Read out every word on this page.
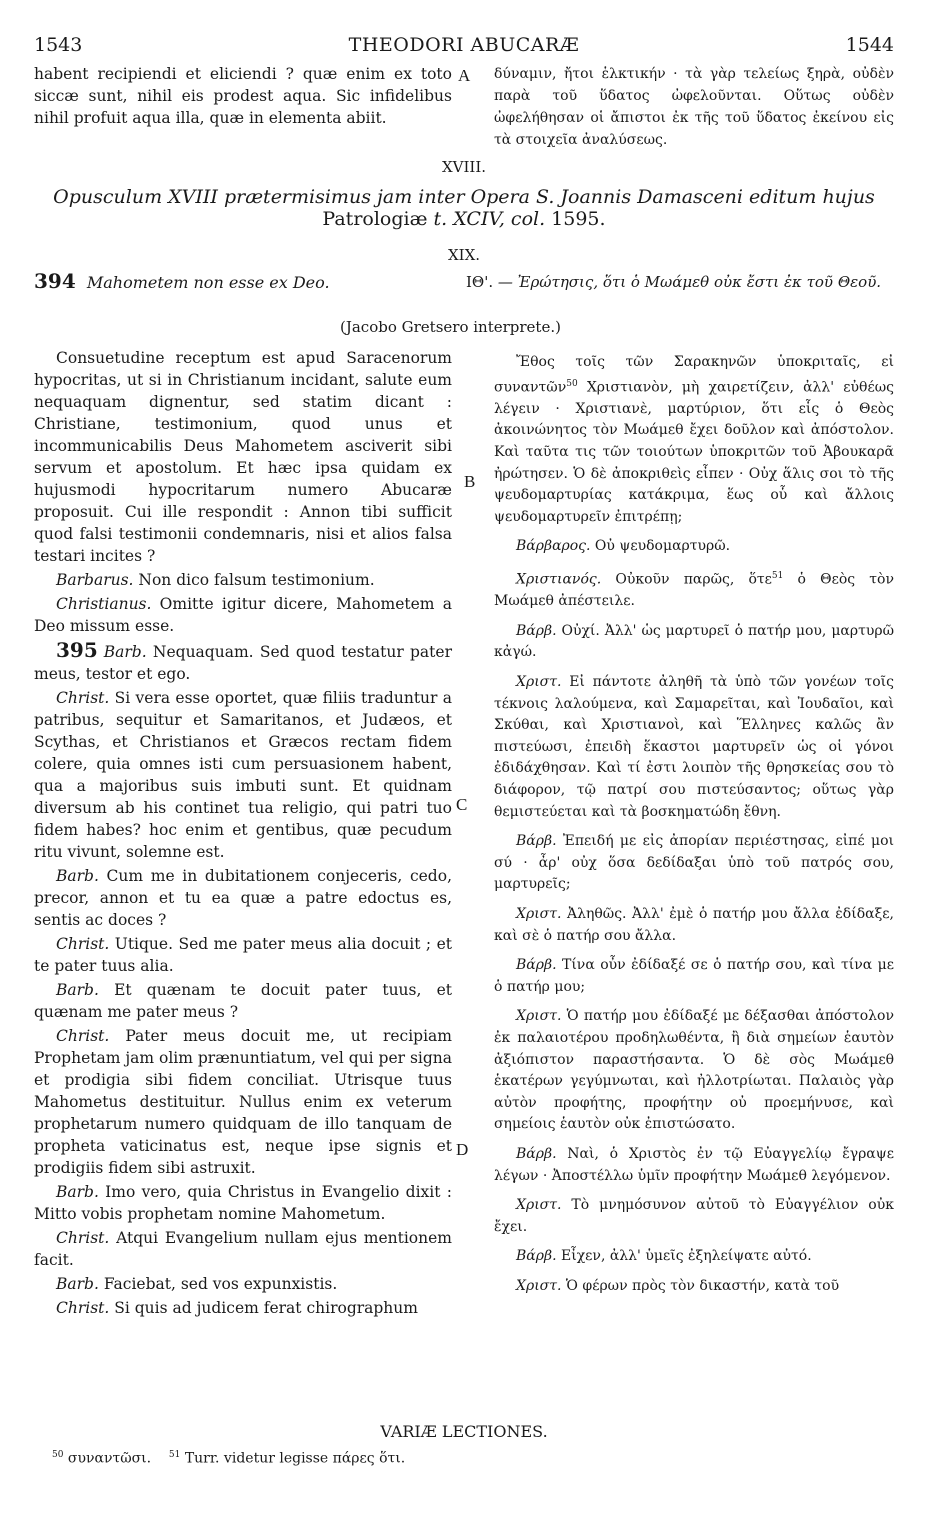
1543	THEODORI ABUCARÆ	1544

habent recipiendi et eliciendi ? quæ enim ex toto siccæ sunt, nihil eis prodest aqua. Sic infidelibus nihil profuit aqua illa, quæ in elementa abiit.

A δύναμιν, ἤτοι ἑλκτικήν · τὰ γὰρ τελείως ξηρὰ, οὐδὲν παρὰ τοῦ ὕδατος ὠφελοῦνται. Οὕτως οὐδὲν ὠφελήθησαν οἱ ἄπιστοι ἐκ τῆς τοῦ ὕδατος ἐκείνου εἰς τὰ στοιχεῖα ἀναλύσεως.

XVIII.
Opusculum XVIII prætermisimus jam inter Opera S. Joannis Damasceni editum hujus
Patrologiæ t. XCIV, col. 1595.
XIX.
394 Mahometem non esse ex Deo.	ΙΘ'. — Ἐρώτησις, ὅτι ὁ Μωάμεθ οὐκ ἔστι ἐκ τοῦ Θεοῦ.
(Jacobo Gretsero interprete.)

Consuetudine receptum est apud Saracenorum hypocritas, ut si in Christianum incidant, salute eum nequaquam dignentur, sed statim dicant : Christiane, testimonium, quod unus et incommunicabilis Deus Mahometem asciverit sibi servum et apostolum. Et hæc ipsa quidam ex hujusmodi hypocritarum numero Abucaræ proposuit. Cui ille respondit : Annon tibi sufficit quod falsi testimonii condemnaris, nisi et alios falsa testari incites ?

Barbarus. Non dico falsum testimonium.

Christianus. Omitte igitur dicere, Mahometem a Deo missum esse.

395 Barb. Nequaquam. Sed quod testatur pater meus, testor et ego.

Christ. Si vera esse oportet, quæ filiis traduntur a patribus, sequitur et Samaritanos, et Judæos, et Scythas, et Christianos et Græcos rectam fidem colere, quia omnes isti cum persuasionem habent, qua a majoribus suis imbuti sunt. Et quidnam diversum ab his continet tua religio, qui patri tuo fidem habes? hoc enim et gentibus, quæ pecudum ritu vivunt, solemne est.

Barb. Cum me in dubitationem conjeceris, cedo, precor, annon et tu ea quæ a patre edoctus es, sentis ac doces ?

Christ. Utique. Sed me pater meus alia docuit ; et te pater tuus alia.

Barb. Et quænam te docuit pater tuus, et quænam me pater meus ?

Christ. Pater meus docuit me, ut recipiam Prophetam jam olim prænuntiatum, vel qui per signa et prodigia sibi fidem conciliat. Utrisque tuus Mahometus destituitur. Nullus enim ex veterum prophetarum numero quidquam de illo tanquam de propheta vaticinatus est, neque ipse signis et prodigiis fidem sibi astruxit.

Barb. Imo vero, quia Christus in Evangelio dixit : Mitto vobis prophetam nomine Mahometum.

Christ. Atqui Evangelium nullam ejus mentionem facit.

Barb. Faciebat, sed vos expunxistis.

Christ. Si quis ad judicem ferat chirographum

B
C
D

Ἔθος τοῖς τῶν Σαρακηνῶν ὑποκριταῖς, εἰ συναντῶν$^{50}$ Χριστιανὸν, μὴ χαιρετίζειν, ἀλλ' εὐθέως λέγειν · Χριστιανὲ, μαρτύριον, ὅτι εἷς ὁ Θεὸς ἀκοινώνητος τὸν Μωάμεθ ἔχει δοῦλον καὶ ἀπόστολον. Καὶ ταῦτα τις τῶν τοιούτων ὑποκριτῶν τοῦ Ἀβουκαρᾶ ἠρώτησεν. Ὁ δὲ ἀποκριθεὶς εἶπεν · Οὐχ ἅλις σοι τὸ τῆς ψευδομαρτυρίας κατάκριμα, ἕως οὗ καὶ ἄλλοις ψευδομαρτυρεῖν ἐπιτρέπῃ;

Βάρβαρος. Οὐ ψευδομαρτυρῶ.

Χριστιανός. Οὐκοῦν παρῶς, ὅτε$^{51}$ ὁ Θεὸς τὸν Μωάμεθ ἀπέστειλε.

Βάρβ. Οὐχί. Ἀλλ' ὡς μαρτυρεῖ ὁ πατήρ μου, μαρτυρῶ κἀγώ.

Χριστ. Εἰ πάντοτε ἀληθῆ τὰ ὑπὸ τῶν γονέων τοῖς τέκνοις λαλούμενα, καὶ Σαμαρεῖται, καὶ Ἰουδαῖοι, καὶ Σκύθαι, καὶ Χριστιανοὶ, καὶ Ἕλληνες καλῶς ἂν πιστεύωσι, ἐπειδὴ ἕκαστοι μαρτυρεῖν ὡς οἱ γόνοι ἐδιδάχθησαν. Καὶ τί ἐστι λοιπὸν τῆς θρησκείας σου τὸ διάφορον, τῷ πατρί σου πιστεύσαντος; οὕτως γὰρ θεμιστεύεται καὶ τὰ βοσκηματώδη ἔθνη.

Βάρβ. Ἐπειδή με εἰς ἀπορίαν περιέστησας, εἰπέ μοι σύ · ἆρ' οὐχ ὅσα δεδίδαξαι ὑπὸ τοῦ πατρός σου, μαρτυρεῖς;

Χριστ. Ἀληθῶς. Ἀλλ' ἐμὲ ὁ πατήρ μου ἄλλα ἐδίδαξε, καὶ σὲ ὁ πατήρ σου ἄλλα.

Βάρβ. Τίνα οὖν ἐδίδαξέ σε ὁ πατήρ σου, καὶ τίνα με ὁ πατήρ μου;

Χριστ. Ὁ πατήρ μου ἐδίδαξέ με δέξασθαι ἀπόστολον ἐκ παλαιοτέρου προδηλωθέντα, ἢ διὰ σημείων ἑαυτὸν ἀξιόπιστον παραστήσαντα. Ὁ δὲ σὸς Μωάμεθ ἑκατέρων γεγύμνωται, καὶ ἠλλοτρίωται. Παλαιὸς γὰρ αὐτὸν προφήτης, προφήτην οὐ προεμήνυσε, καὶ σημείοις ἑαυτὸν οὐκ ἐπιστώσατο.

Βάρβ. Ναὶ, ὁ Χριστὸς ἐν τῷ Εὐαγγελίῳ ἔγραψε λέγων · Ἀποστέλλω ὑμῖν προφήτην Μωάμεθ λεγόμενον.

Χριστ. Τὸ μνημόσυνον αὐτοῦ τὸ Εὐαγγέλιον οὐκ ἔχει.

Βάρβ. Εἶχεν, ἀλλ' ὑμεῖς ἐξηλείψατε αὐτό.

Χριστ. Ὁ φέρων πρὸς τὸν δικαστήν, κατὰ τοῦ

VARIÆ LECTIONES.
$^{50}$ συναντῶσι. $^{51}$ Turr. videtur legisse πάρες ὅτι.
